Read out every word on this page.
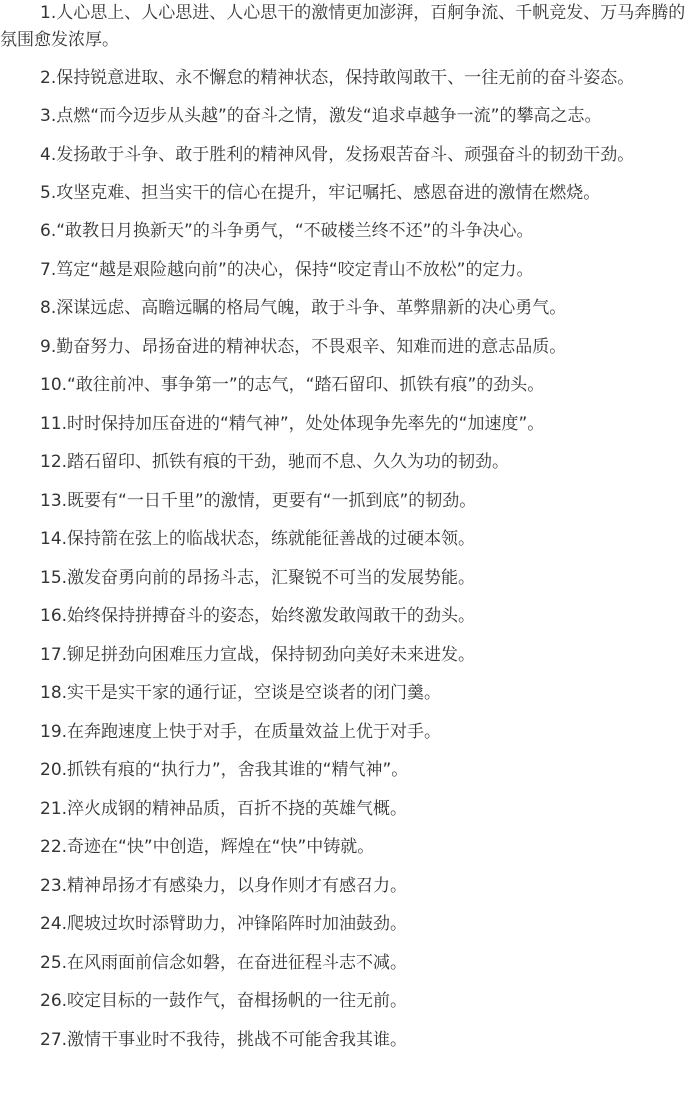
1.人心思上、人心思进、人心思干的激情更加澎湃，百舸争流、千帆竞发、万马奔腾的氛围愈发浓厚。

2.保持锐意进取、永不懈怠的精神状态，保持敢闯敢干、一往无前的奋斗姿态。

3.点燃“而今迈步从头越”的奋斗之情，激发“追求卓越争一流”的攀高之志。

4.发扬敢于斗争、敢于胜利的精神风骨，发扬艰苦奋斗、顽强奋斗的韧劲干劲。

5.攻坚克难、担当实干的信心在提升，牢记嘱托、感恩奋进的激情在燃烧。

6.“敢教日月换新天”的斗争勇气，“不破楼兰终不还”的斗争决心。

7.笃定“越是艰险越向前”的决心，保持“咬定青山不放松”的定力。

8.深谋远虑、高瞻远瞩的格局气魄，敢于斗争、革弊鼎新的决心勇气。

9.勤奋努力、昂扬奋进的精神状态，不畏艰辛、知难而进的意志品质。

10.“敢往前冲、事争第一”的志气，“踏石留印、抓铁有痕”的劲头。

11.时时保持加压奋进的“精气神”，处处体现争先率先的“加速度”。

12.踏石留印、抓铁有痕的干劲，驰而不息、久久为功的韧劲。

13.既要有“一日千里”的激情，更要有“一抓到底”的韧劲。

14.保持箭在弦上的临战状态，练就能征善战的过硬本领。

15.激发奋勇向前的昂扬斗志，汇聚锐不可当的发展势能。

16.始终保持拼搏奋斗的姿态，始终激发敢闯敢干的劲头。

17.铆足拼劲向困难压力宣战，保持韧劲向美好未来进发。

18.实干是实干家的通行证，空谈是空谈者的闭门羹。

19.在奔跑速度上快于对手，在质量效益上优于对手。

20.抓铁有痕的“执行力”，舍我其谁的“精气神”。

21.淬火成钢的精神品质，百折不挠的英雄气概。

22.奇迹在“快”中创造，辉煌在“快”中铸就。

23.精神昂扬才有感染力，以身作则才有感召力。

24.爬坡过坎时添臂助力，冲锋陷阵时加油鼓劲。

25.在风雨面前信念如磐，在奋进征程斗志不减。

26.咬定目标的一鼓作气，奋楫扬帆的一往无前。

27.激情干事业时不我待，挑战不可能舍我其谁。
